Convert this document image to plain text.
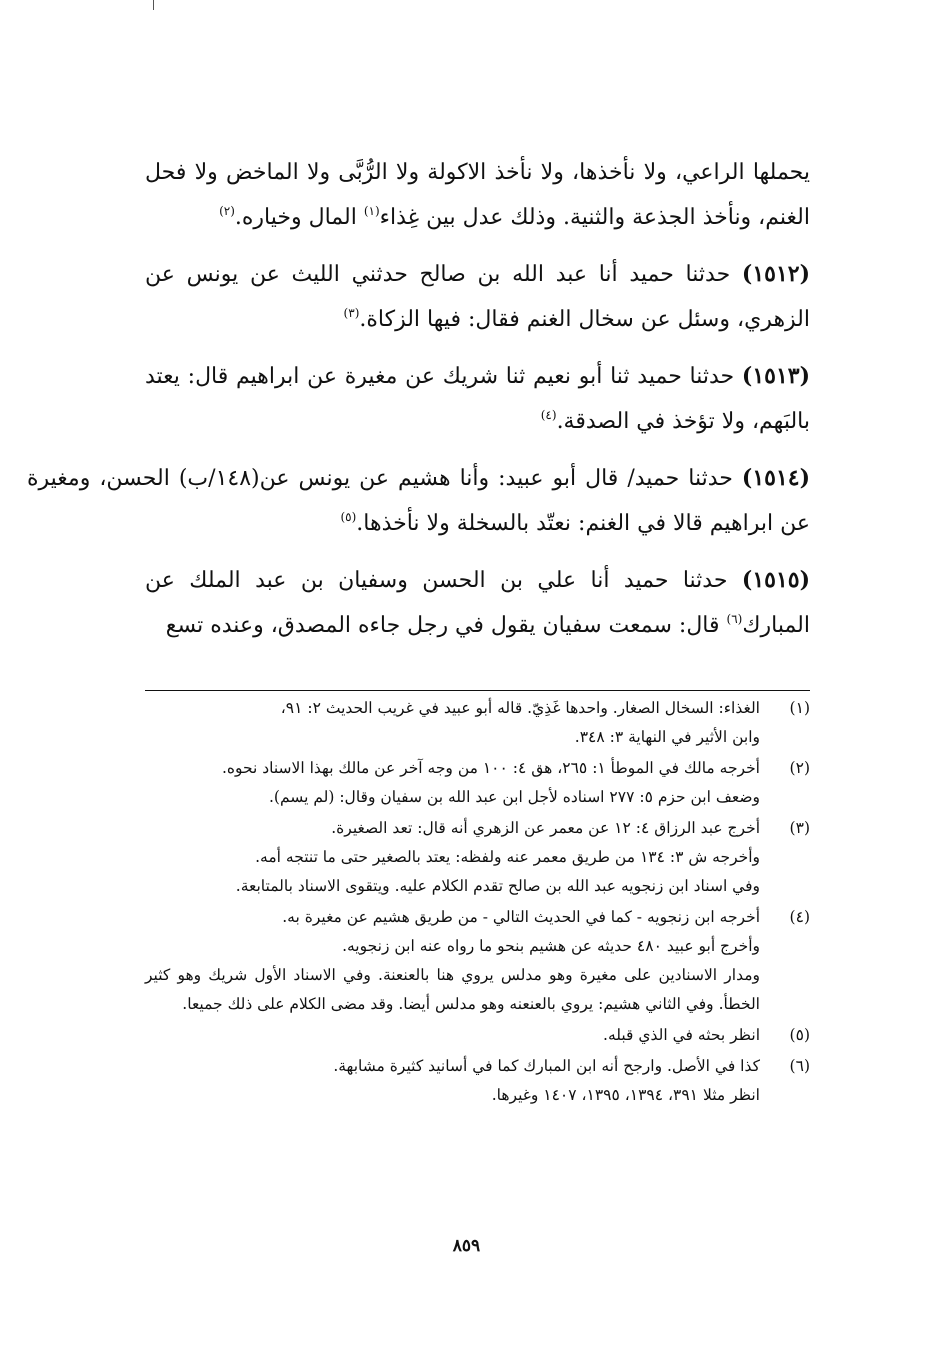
يحملها الراعي، ولا نأخذها، ولا نأخذ الاكولة ولا الرُّبَّى ولا الماخض ولا فحل الغنم، ونأخذ الجذعة والثنية. وذلك عدل بين غِذاء$^{(١)}$ المال وخياره.$^{(٢)}$

(١٥١٢) حدثنا حميد أنا عبد الله بن صالح حدثني الليث عن يونس عن الزهري، وسئل عن سخال الغنم فقال: فيها الزكاة.$^{(٣)}$

(١٥١٣) حدثنا حميد ثنا أبو نعيم ثنا شريك عن مغيرة عن ابراهيم قال: يعتد بالبَهم، ولا تؤخذ في الصدقة.$^{(٤)}$

(١٥١٤) حدثنا حميد/ قال أبو عبيد: وأنا هشيم عن يونس عن(١٤٨/ب) الحسن، ومغيرة عن ابراهيم قالا في الغنم: نعتّد بالسخلة ولا نأخذها.$^{(٥)}$

(١٥١٥) حدثنا حميد أنا علي بن الحسن وسفيان بن عبد الملك عن المبارك$^{(٦)}$ قال: سمعت سفيان يقول في رجل جاءه المصدق، وعنده تسع

(١)
الغذاء: السخال الصغار. واحدها غَذِيّ. قاله أبو عبيد في غريب الحديث ٢: ٩١،
وابن الأثير في النهاية ٣: ٣٤٨.
(٢)
أخرجه مالك في الموطأ ١: ٢٦٥، هق ٤: ١٠٠ من وجه آخر عن مالك بهذا الاسناد نحوه.
وضعف ابن حزم ٥: ٢٧٧ اسناده لأجل ابن عبد الله بن سفيان وقال: (لم يسم).
(٣)
أخرج عبد الرزاق ٤: ١٢ عن معمر عن الزهري أنه قال: تعد الصغيرة.
وأخرجه ش ٣: ١٣٤ من طريق معمر عنه ولفظه: يعتد بالصغير حتى ما تنتجه أمه.
وفي اسناد ابن زنجويه عبد الله بن صالح تقدم الكلام عليه. ويتقوى الاسناد بالمتابعة.
(٤)
أخرجه ابن زنجويه - كما في الحديث التالي - من طريق هشيم عن مغيرة به.
وأخرج أبو عبيد ٤٨٠ حديثه عن هشيم بنحو ما رواه عنه ابن زنجويه.
ومدار الاسنادين على مغيرة وهو مدلس يروي هنا بالعنعنة. وفي الاسناد الأول شريك وهو كثير الخطأ. وفي الثاني هشيم: يروي بالعنعنه وهو مدلس أيضا. وقد مضى الكلام على ذلك جميعا.
(٥)
انظر بحثه في الذي قبله.
(٦)
كذا في الأصل. وارجح أنه ابن المبارك كما في أسانيد كثيرة مشابهة.
انظر مثلا ٣٩١، ١٣٩٤، ١٣٩٥، ١٤٠٧ وغيرها.
٨٥٩
